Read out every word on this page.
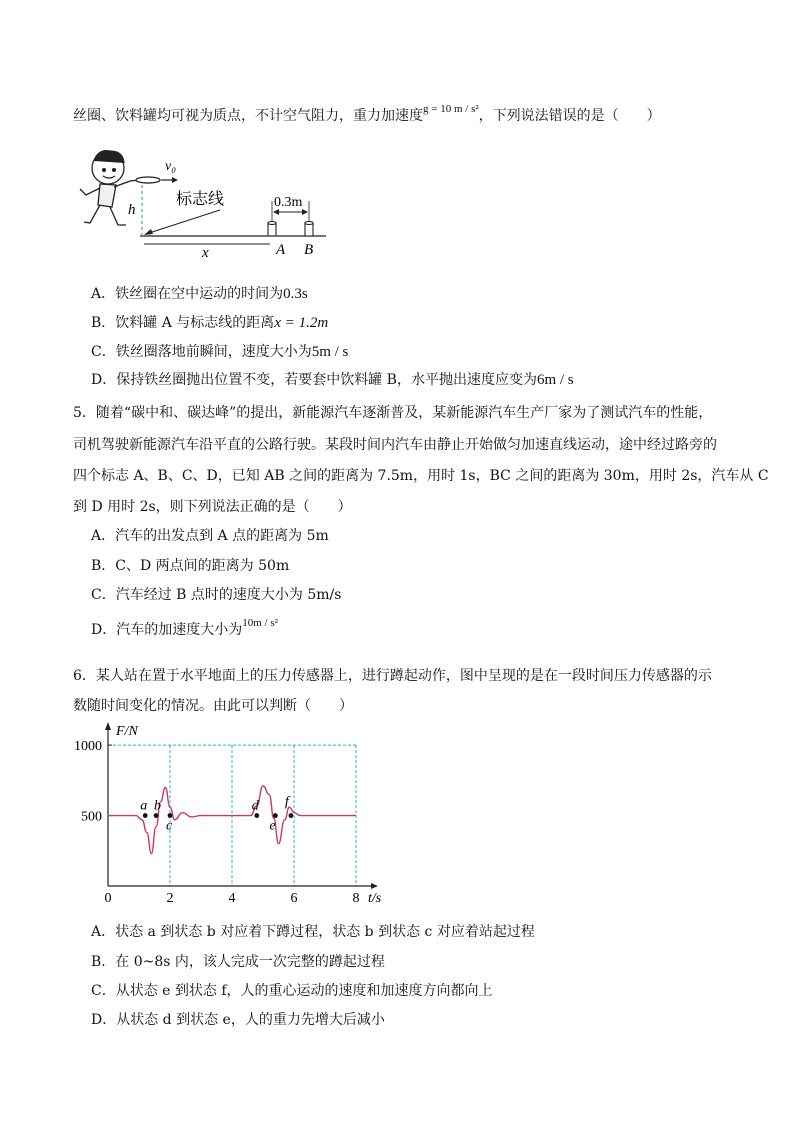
丝圈、饮料罐均可视为质点，不计空气阻力，重力加速度$^{g = 10 m / s^2}$，下列说法错误的是（　　）
v₀
h
标志线	0.3m
x	A B
A．铁丝圈在空中运动的时间为0.3s
B．饮料罐 A 与标志线的距离x = 1.2m
C．铁丝圈落地前瞬间，速度大小为5m / s
D．保持铁丝圈抛出位置不变，若要套中饮料罐 B，水平抛出速度应变为6m / s
5．随着“碳中和、碳达峰”的提出，新能源汽车逐渐普及，某新能源汽车生产厂家为了测试汽车的性能，
司机驾驶新能源汽车沿平直的公路行驶。某段时间内汽车由静止开始做匀加速直线运动，途中经过路旁的
四个标志 A、B、C、D，已知 AB 之间的距离为 7.5m，用时 1s，BC 之间的距离为 30m，用时 2s，汽车从 C
到 D 用时 2s，则下列说法正确的是（　　）
A．汽车的出发点到 A 点的距离为 5m
B．C、D 两点间的距离为 50m
C．汽车经过 B 点时的速度大小为 5m/s
D．汽车的加速度大小为$^{10m / s^2}$
6．某人站在置于水平地面上的压力传感器上，进行蹲起动作，图中呈现的是在一段时间压力传感器的示
数随时间变化的情况。由此可以判断（　　）
500
1000
0	2	4	6	8
a b
c
d
e
f
F/N
t/s
A．状态 a 到状态 b 对应着下蹲过程，状态 b 到状态 c 对应着站起过程
B．在 0~8s 内，该人完成一次完整的蹲起过程
C．从状态 e 到状态 f，人的重心运动的速度和加速度方向都向上
D．从状态 d 到状态 e，人的重力先增大后减小
